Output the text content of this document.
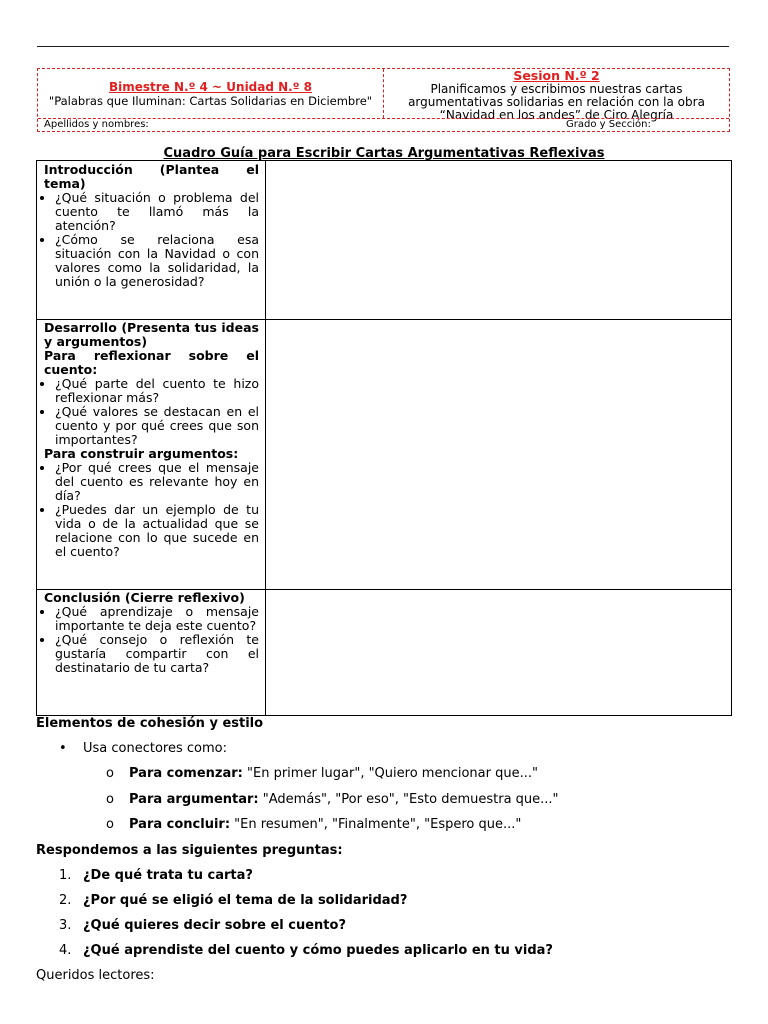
Bimestre N.º 4 ~ Unidad N.º 8
"Palabras que Iluminan: Cartas Solidarias en Diciembre"
Sesion N.º 2
Planificamos y escribimos nuestras cartas
argumentativas solidarias en relación con la obra
“Navidad en los andes” de Ciro Alegría
Apellidos y nombres:	Grado y Sección:
Cuadro Guía para Escribir Cartas Argumentativas Reflexivas
Introducción (Plantea el tema)
• ¿Qué situación o problema del cuento te llamó más la atención?
• ¿Cómo se relaciona esa situación con la Navidad o con valores como la solidaridad, la unión o la generosidad?
Desarrollo (Presenta tus ideas y argumentos)
Para reflexionar sobre el cuento:
• ¿Qué parte del cuento te hizo reflexionar más?
• ¿Qué valores se destacan en el cuento y por qué crees que son importantes?
Para construir argumentos:
• ¿Por qué crees que el mensaje del cuento es relevante hoy en día?
• ¿Puedes dar un ejemplo de tu vida o de la actualidad que se relacione con lo que sucede en el cuento?
Conclusión (Cierre reflexivo)
• ¿Qué aprendizaje o mensaje importante te deja este cuento?
• ¿Qué consejo o reflexión te gustaría compartir con el destinatario de tu carta?
Elementos de cohesión y estilo
• Usa conectores como:
o Para comenzar: "En primer lugar", "Quiero mencionar que..."
o Para argumentar: "Además", "Por eso", "Esto demuestra que..."
o Para concluir: "En resumen", "Finalmente", "Espero que..."
Respondemos a las siguientes preguntas:
1. ¿De qué trata tu carta?
2. ¿Por qué se eligió el tema de la solidaridad?
3. ¿Qué quieres decir sobre el cuento?
4. ¿Qué aprendiste del cuento y cómo puedes aplicarlo en tu vida?
Queridos lectores:
